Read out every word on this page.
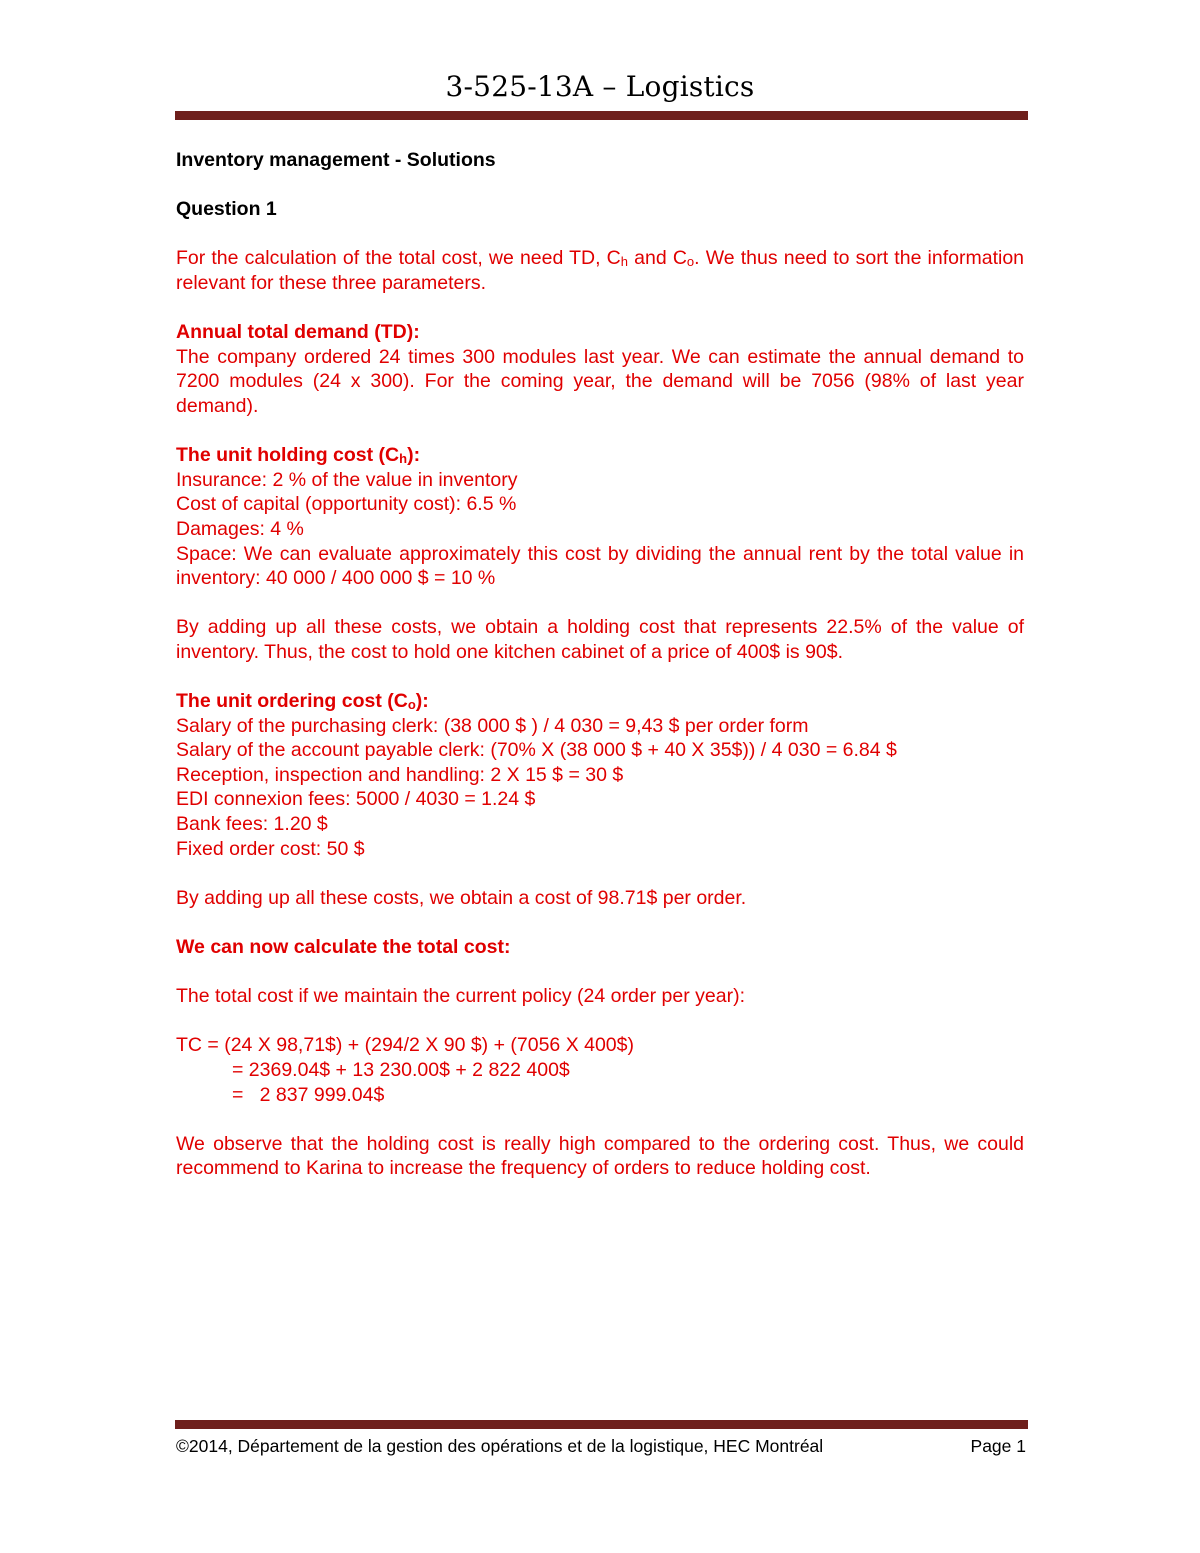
3-525-13A – Logistics

Inventory management - Solutions

Question 1

For the calculation of the total cost, we need TD, $C_h$ and $C_o$. We thus need to sort the information relevant for these three parameters.

Annual total demand (TD):

The company ordered 24 times 300 modules last year. We can estimate the annual demand to 7200 modules (24 x 300). For the coming year, the demand will be 7056 (98% of last year demand).

The unit holding cost $(C_h)$:

Insurance: 2 % of the value in inventory

Cost of capital (opportunity cost): 6.5 %

Damages: 4 %

Space: We can evaluate approximately this cost by dividing the annual rent by the total value in inventory: 40 000 / 400 000 $ = 10 %

By adding up all these costs, we obtain a holding cost that represents 22.5% of the value of inventory. Thus, the cost to hold one kitchen cabinet of a price of 400$ is 90$.

The unit ordering cost $(C_o)$:

Salary of the purchasing clerk: (38 000 $ ) / 4 030 = 9,43 $ per order form

Salary of the account payable clerk: (70% X (38 000 $ + 40 X 35$)) / 4 030 = 6.84 $

Reception, inspection and handling: 2 X 15 $ = 30 $

EDI connexion fees: 5000 / 4030 = 1.24 $

Bank fees: 1.20 $

Fixed order cost: 50 $

By adding up all these costs, we obtain a cost of 98.71$ per order.

We can now calculate the total cost:

The total cost if we maintain the current policy (24 order per year):

TC = (24 X 98,71$) + (294/2 X 90 $) + (7056 X 400$)

= 2369.04$ + 13 230.00$ + 2 822 400$

=   2 837 999.04$

We observe that the holding cost is really high compared to the ordering cost. Thus, we could recommend to Karina to increase the frequency of orders to reduce holding cost.

©2014, Département de la gestion des opérations et de la logistique, HEC Montréal	Page 1
